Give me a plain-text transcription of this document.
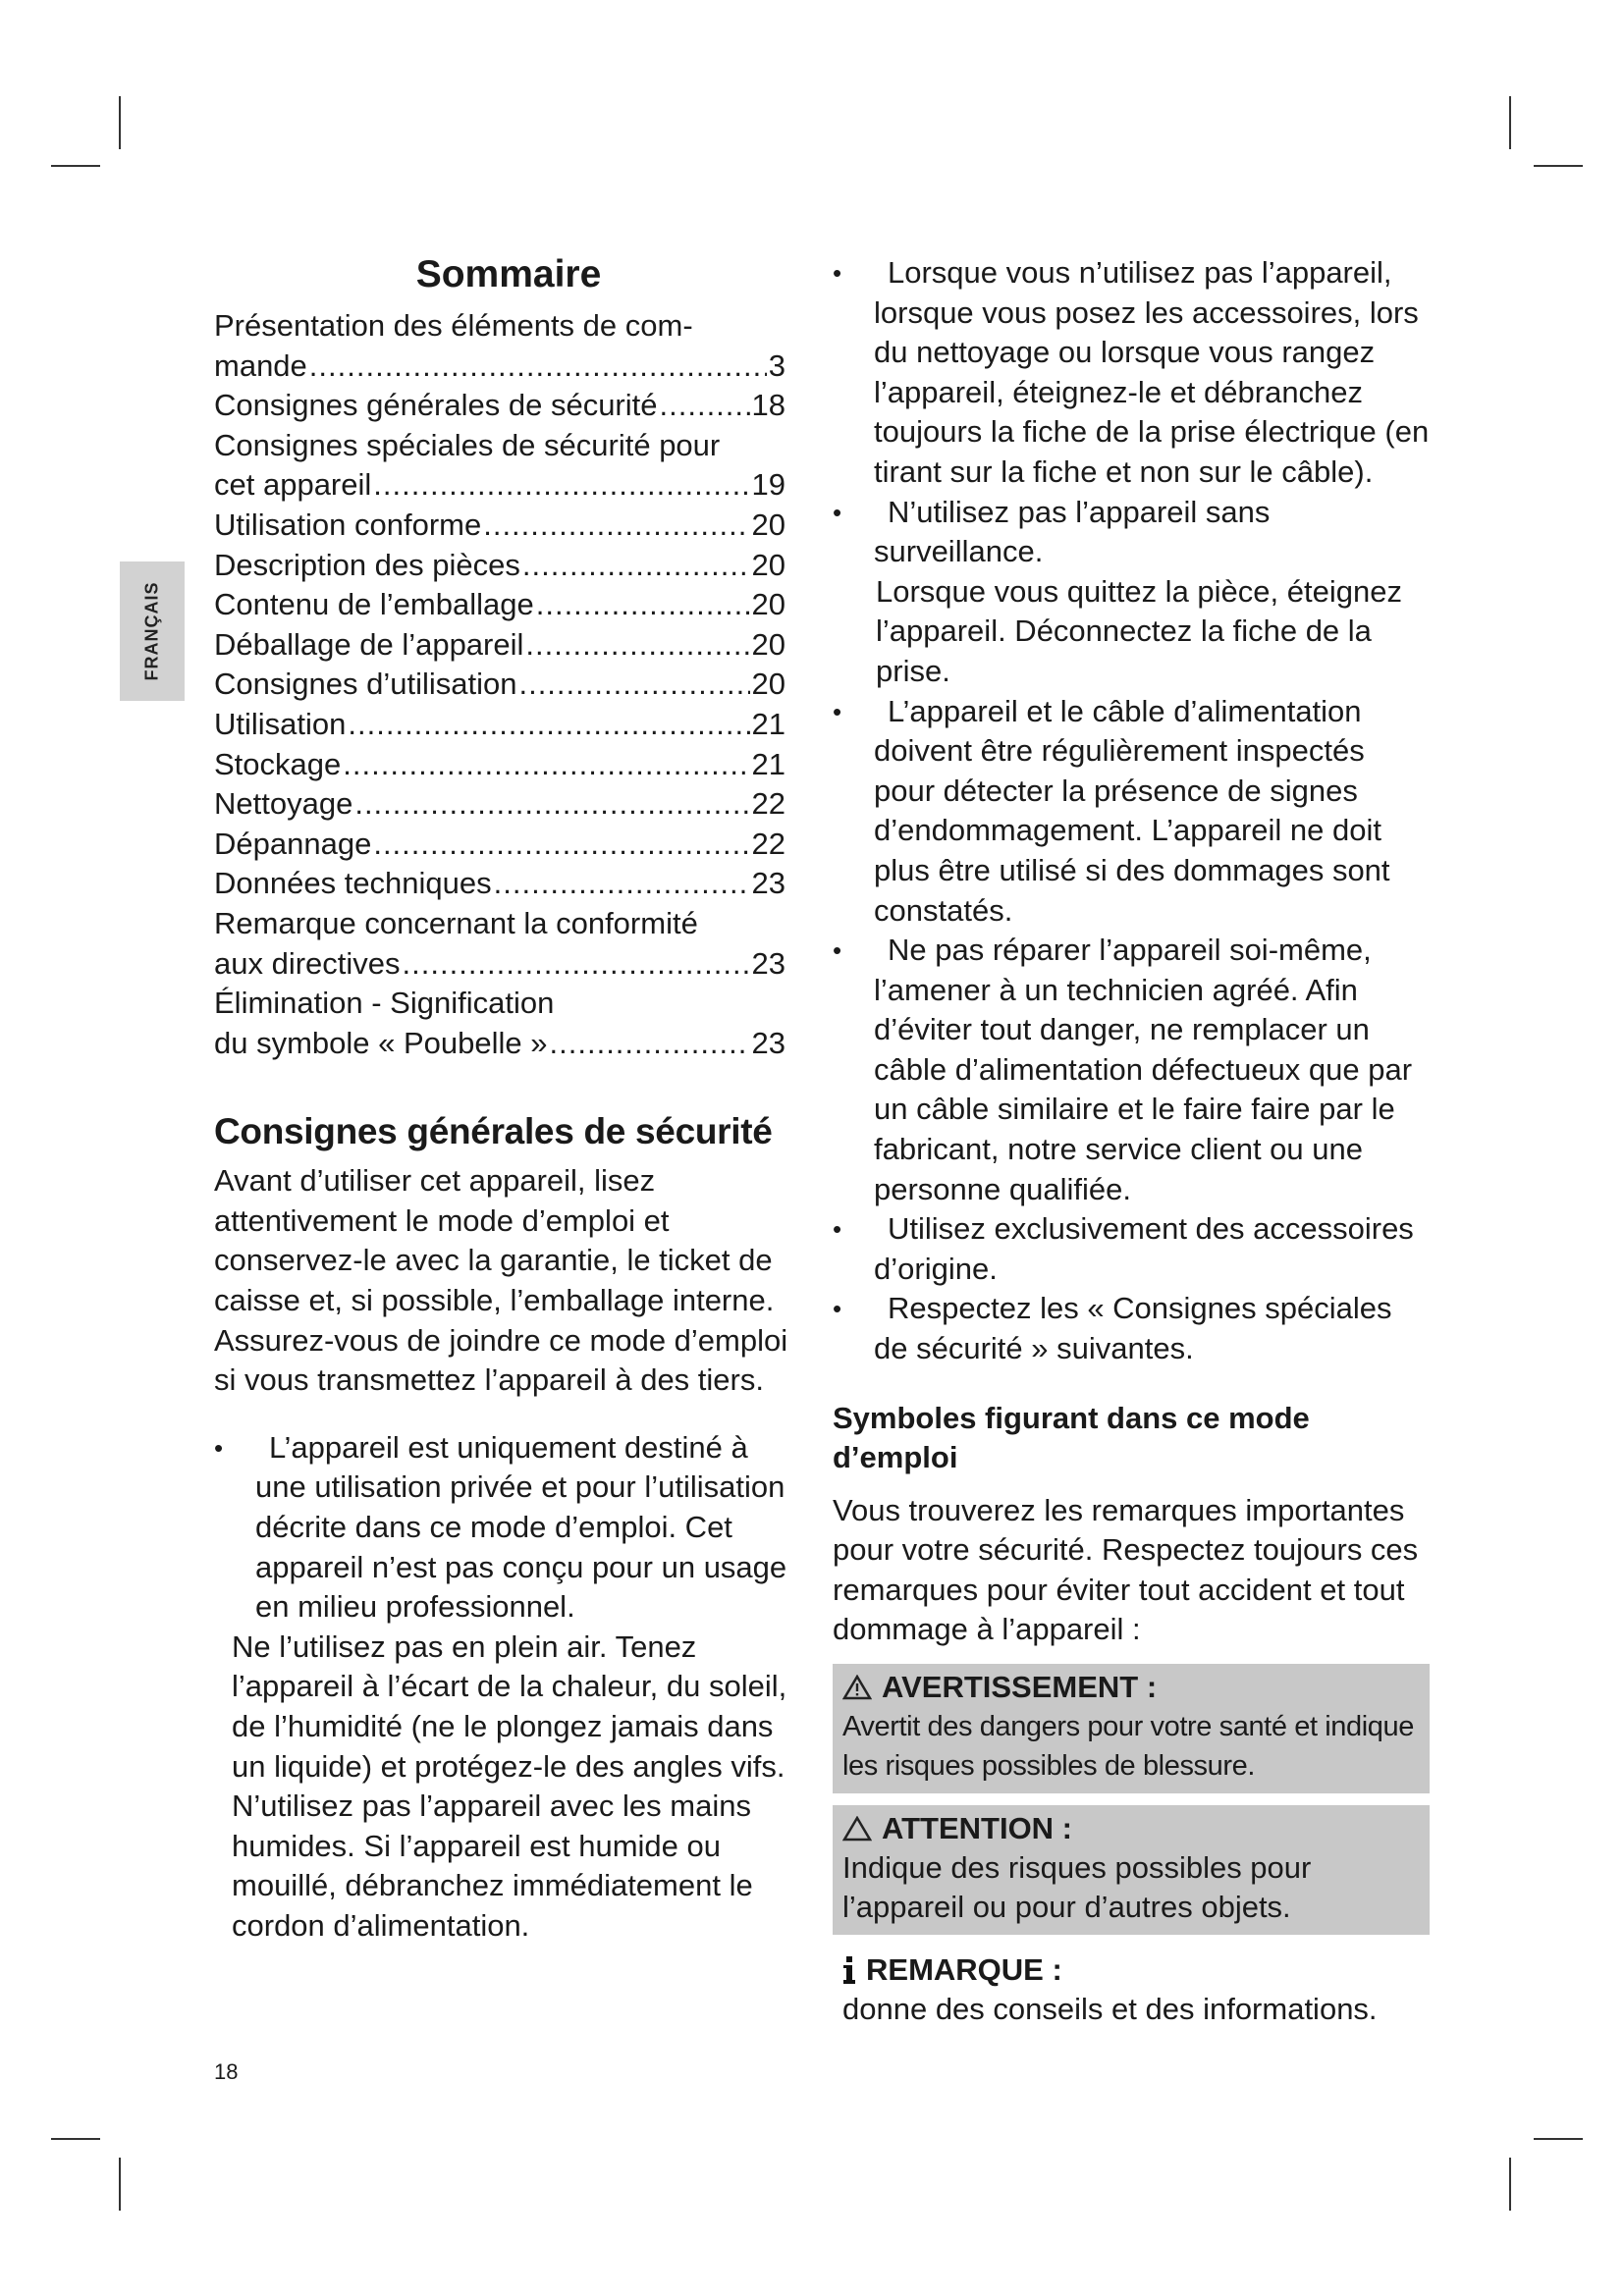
FRANÇAIS
Sommaire
Présentation des éléments de com-
mande .....	3
Consignes générales de sécurité .....	18
Consignes spéciales de sécurité pour
cet appareil .....	19
Utilisation conforme .....	20
Description des pièces .....	20
Contenu de l’emballage .....	20
Déballage de l’appareil .....	20
Consignes d’utilisation .....	20
Utilisation .....	21
Stockage .....	21
Nettoyage .....	22
Dépannage .....	22
Données techniques .....	23
Remarque concernant la conformité
aux directives .....	23
Élimination - Signification
du symbole « Poubelle » .....	23
Consignes générales de sécurité

Avant d’utiliser cet appareil, lisez attentivement le mode d’emploi et conservez-le avec la garantie, le ticket de caisse et, si possible, l’emballage interne. Assurez-vous de joindre ce mode d’emploi si vous transmettez l’appareil à des tiers.

• L’appareil est uniquement destiné à une utilisation privée et pour l’utilisation décrite dans ce mode d’emploi. Cet appareil n’est pas conçu pour un usage en milieu professionnel.
Ne l’utilisez pas en plein air. Tenez l’appareil à l’écart de la chaleur, du soleil, de l’humidité (ne le plongez jamais dans un liquide) et protégez-le des angles vifs. N’utilisez pas l’appareil avec les mains humides. Si l’appareil est humide ou mouillé, débranchez immédiatement le cordon d’alimentation.
• Lorsque vous n’utilisez pas l’appareil, lorsque vous posez les accessoires, lors du nettoyage ou lorsque vous rangez l’appareil, éteignez-le et débranchez toujours la fiche de la prise électrique (en tirant sur la fiche et non sur le câble).
• N’utilisez pas l’appareil sans surveillance.
Lorsque vous quittez la pièce, éteignez l’appareil. Déconnectez la fiche de la prise.
• L’appareil et le câble d’alimentation doivent être régulièrement inspectés pour détecter la présence de signes d’endommagement. L’appareil ne doit plus être utilisé si des dommages sont constatés.
• Ne pas réparer l’appareil soi-même, l’amener à un technicien agréé. Afin d’éviter tout danger, ne remplacer un câble d’alimentation défectueux que par un câble similaire et le faire faire par le fabricant, notre service client ou une personne qualifiée.
• Utilisez exclusivement des accessoires d’origine.
• Respectez les « Consignes spéciales de sécurité » suivantes.
Symboles figurant dans ce mode d’emploi

Vous trouverez les remarques importantes pour votre sécurité. Respectez toujours ces remarques pour éviter tout accident et tout dommage à l’appareil :

AVERTISSEMENT :
Avertit des dangers pour votre santé et indique les risques possibles de blessure.
ATTENTION :
Indique des risques possibles pour l’appareil ou pour d’autres objets.
REMARQUE :
donne des conseils et des informations.
18
